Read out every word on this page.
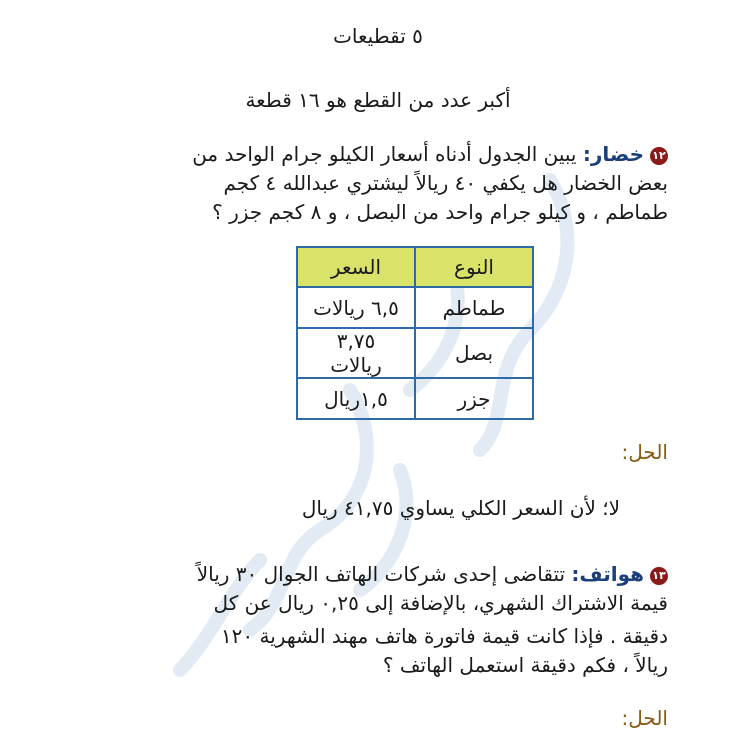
٥ تقطيعات
أكبر عدد من القطع هو ١٦ قطعة
١٢خضار: يبين الجدول أدناه أسعار الكيلو جرام الواحد من
بعض الخضار هل يكفي ٤٠ ريالاً ليشتري عبدالله ٤ كجم
طماطم ، و كيلو جرام واحد من البصل ، و ٨ كجم جزر ؟
النوع	السعر
طماطم	٦,٥ ريالات
بصل	٣,٧٥ ريالات
جزر	١,٥ريال
الحل:
لا؛ لأن السعر الكلي يساوي ٤١,٧٥ ريال
١٣هواتف: تتقاضى إحدى شركات الهاتف الجوال ٣٠ ريالاً
قيمة الاشتراك الشهري، بالإضافة إلى ٠,٢٥ ريال عن كل
دقيقة . فإذا كانت قيمة فاتورة هاتف مهند الشهرية ١٢٠
ريالاً ، فكم دقيقة استعمل الهاتف ؟
الحل:
